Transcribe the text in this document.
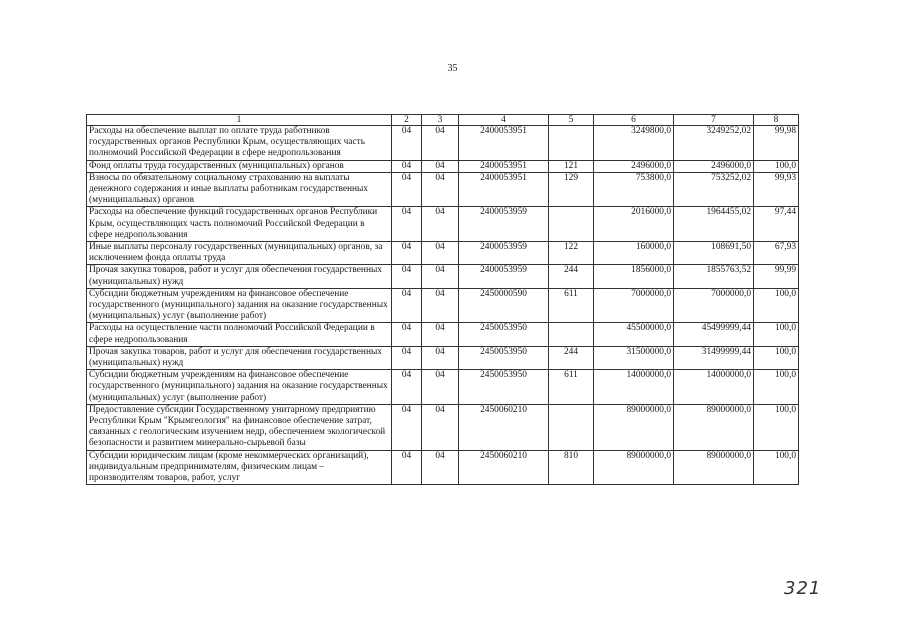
35
1	2	3	4	5	6	7	8
Расходы на обеспечение выплат по оплате труда работников государственных органов Республики Крым, осуществляющих часть полномочий Российской Федерации в сфере недропользования	04	04	2400053951		3249800,0	3249252,02	99,98
Фонд оплаты труда государственных (муниципальных) органов	04	04	2400053951	121	2496000,0	2496000,0	100,0
Взносы по обязательному социальному страхованию на выплаты денежного содержания и иные выплаты работникам государственных (муниципальных) органов	04	04	2400053951	129	753800,0	753252,02	99,93
Расходы на обеспечение функций государственных органов Республики Крым, осуществляющих часть полномочий Российской Федерации в сфере недропользования	04	04	2400053959		2016000,0	1964455,02	97,44
Иные выплаты персоналу государственных (муниципальных) органов, за исключением фонда оплаты труда	04	04	2400053959	122	160000,0	108691,50	67,93
Прочая закупка товаров, работ и услуг для обеспечения государственных (муниципальных) нужд	04	04	2400053959	244	1856000,0	1855763,52	99,99
Субсидии бюджетным учреждениям на финансовое обеспечение государственного (муниципального) задания на оказание государственных (муниципальных) услуг (выполнение работ)	04	04	2450000590	611	7000000,0	7000000,0	100,0
Расходы на осуществление части полномочий Российской Федерации в сфере недропользования	04	04	2450053950		45500000,0	45499999,44	100,0
Прочая закупка товаров, работ и услуг для обеспечения государственных (муниципальных) нужд	04	04	2450053950	244	31500000,0	31499999,44	100,0
Субсидии бюджетным учреждениям на финансовое обеспечение государственного (муниципального) задания на оказание государственных (муниципальных) услуг (выполнение работ)	04	04	2450053950	611	14000000,0	14000000,0	100,0
Предоставление субсидии Государственному унитарному предприятию Республики Крым "Крымгеология" на финансовое обеспечение затрат, связанных с геологическим изучением недр, обеспечением экологической безопасности и развитием минерально-сырьевой базы	04	04	2450060210		89000000,0	89000000,0	100,0
Субсидии юридическим лицам (кроме некоммерческих организаций), индивидуальным предпринимателям, физическим лицам – производителям товаров, работ, услуг	04	04	2450060210	810	89000000,0	89000000,0	100,0
321
